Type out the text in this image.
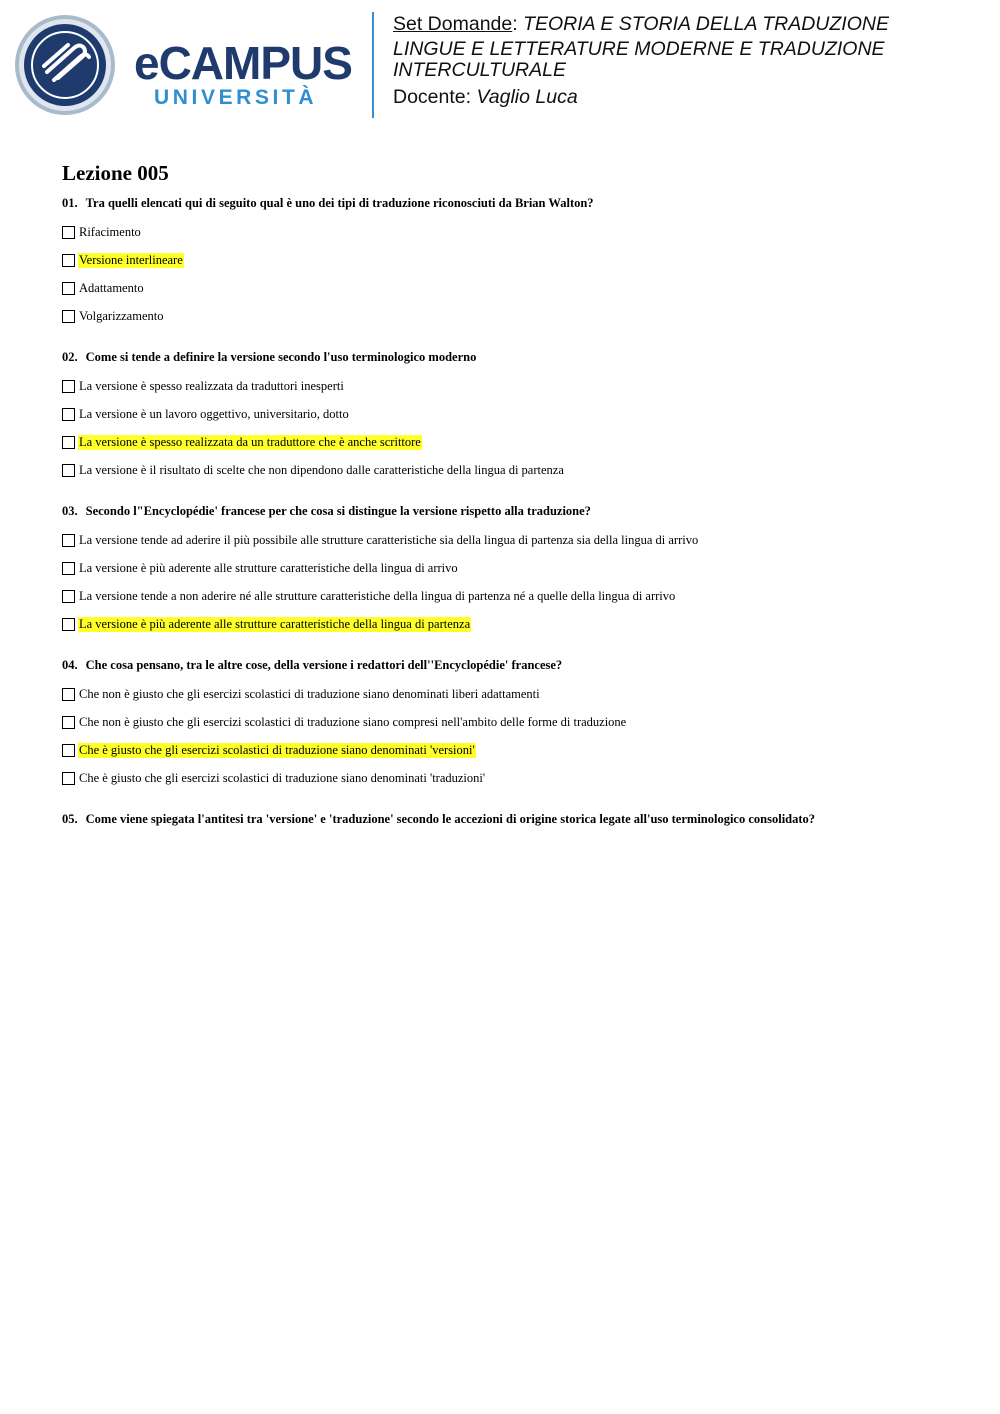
eCAMPUS
UNIVERSITÀ
Set Domande: TEORIA E STORIA DELLA TRADUZIONE
LINGUE E LETTERATURE MODERNE E TRADUZIONE INTERCULTURALE
Docente: Vaglio Luca
Lezione 005
01. Tra quelli elencati qui di seguito qual è uno dei tipi di traduzione riconosciuti da Brian Walton?
Rifacimento
Versione interlineare
Adattamento
Volgarizzamento
02. Come si tende a definire la versione secondo l'uso terminologico moderno
La versione è spesso realizzata da traduttori inesperti
La versione è un lavoro oggettivo, universitario, dotto
La versione è spesso realizzata da un traduttore che è anche scrittore
La versione è il risultato di scelte che non dipendono dalle caratteristiche della lingua di partenza
03. Secondo l"Encyclopédie' francese per che cosa si distingue la versione rispetto alla traduzione?
La versione tende ad aderire il più possibile alle strutture caratteristiche sia della lingua di partenza sia della lingua di arrivo
La versione è più aderente alle strutture caratteristiche della lingua di arrivo
La versione tende a non aderire né alle strutture caratteristiche della lingua di partenza né a quelle della lingua di arrivo
La versione è più aderente alle strutture caratteristiche della lingua di partenza
04. Che cosa pensano, tra le altre cose, della versione i redattori dell''Encyclopédie' francese?
Che non è giusto che gli esercizi scolastici di traduzione siano denominati liberi adattamenti
Che non è giusto che gli esercizi scolastici di traduzione siano compresi nell'ambito delle forme di traduzione
Che è giusto che gli esercizi scolastici di traduzione siano denominati 'versioni'
Che è giusto che gli esercizi scolastici di traduzione siano denominati 'traduzioni'
05. Come viene spiegata l'antitesi tra 'versione' e 'traduzione' secondo le accezioni di origine storica legate all'uso terminologico consolidato?
